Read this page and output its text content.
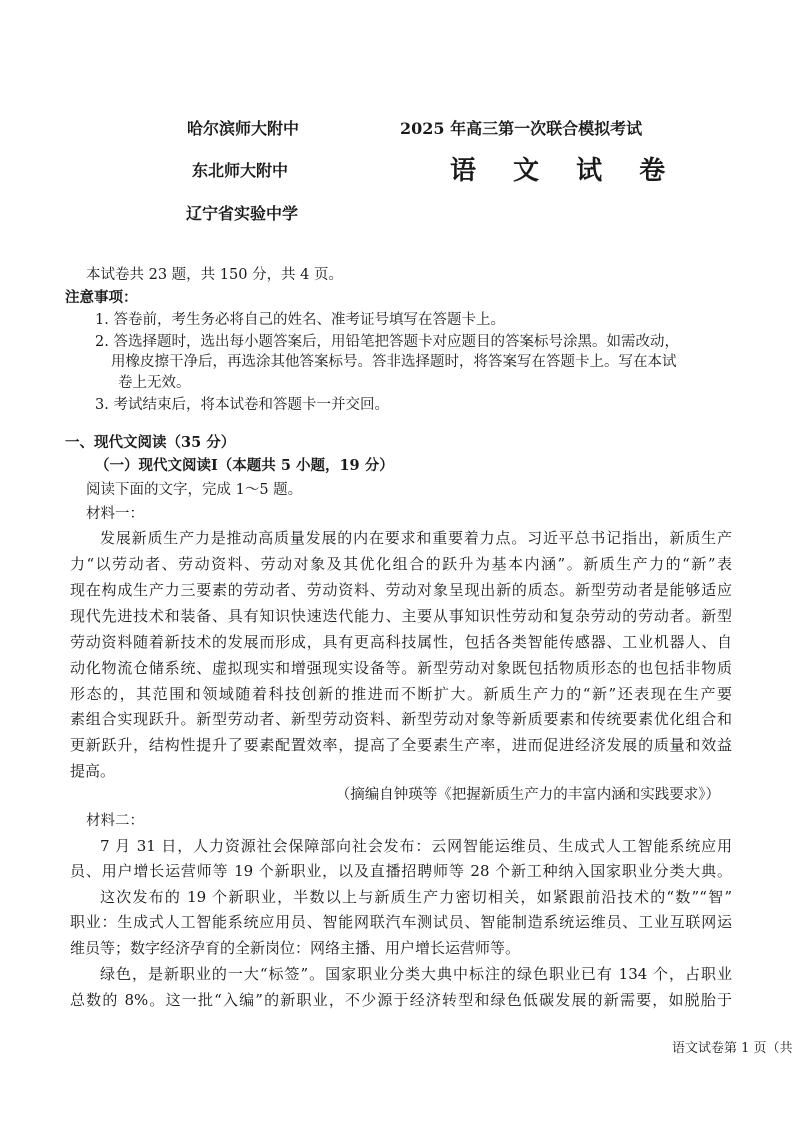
哈尔滨师大附中
东北师大附中
辽宁省实验中学
2025 年高三第一次联合模拟考试
语 文 试 卷
本试卷共 23 题，共 150 分，共 4 页。
注意事项：
1. 答卷前，考生务必将自己的姓名、准考证号填写在答题卡上。
2. 答选择题时，选出每小题答案后，用铅笔把答题卡对应题目的答案标号涂黑。如需改动，
用橡皮擦干净后，再选涂其他答案标号。答非选择题时，将答案写在答题卡上。写在本试
卷上无效。
3. 考试结束后，将本试卷和答题卡一并交回。
一、现代文阅读（35 分）
（一）现代文阅读Ⅰ（本题共 5 小题，19 分）
阅读下面的文字，完成 1～5 题。
材料一：
发展新质生产力是推动高质量发展的内在要求和重要着力点。习近平总书记指出，新质生产
力“以劳动者、劳动资料、劳动对象及其优化组合的跃升为基本内涵”。新质生产力的“新”表
现在构成生产力三要素的劳动者、劳动资料、劳动对象呈现出新的质态。新型劳动者是能够适应
现代先进技术和装备、具有知识快速迭代能力、主要从事知识性劳动和复杂劳动的劳动者。新型
劳动资料随着新技术的发展而形成，具有更高科技属性，包括各类智能传感器、工业机器人、自
动化物流仓储系统、虚拟现实和增强现实设备等。新型劳动对象既包括物质形态的也包括非物质
形态的，其范围和领域随着科技创新的推进而不断扩大。新质生产力的“新”还表现在生产要
素组合实现跃升。新型劳动者、新型劳动资料、新型劳动对象等新质要素和传统要素优化组合和
更新跃升，结构性提升了要素配置效率，提高了全要素生产率，进而促进经济发展的质量和效益
提高。
（摘编自钟瑛等《把握新质生产力的丰富内涵和实践要求》）
材料二：
7 月 31 日，人力资源社会保障部向社会发布：云网智能运维员、生成式人工智能系统应用
员、用户增长运营师等 19 个新职业，以及直播招聘师等 28 个新工种纳入国家职业分类大典。
这次发布的 19 个新职业，半数以上与新质生产力密切相关，如紧跟前沿技术的“数”“智”
职业：生成式人工智能系统应用员、智能网联汽车测试员、智能制造系统运维员、工业互联网运
维员等；数字经济孕育的全新岗位：网络主播、用户增长运营师等。
绿色，是新职业的一大“标签”。国家职业分类大典中标注的绿色职业已有 134 个，占职业
总数的 8%。这一批“入编”的新职业，不少源于经济转型和绿色低碳发展的新需要，如脱胎于
语文试卷第 1 页（共
